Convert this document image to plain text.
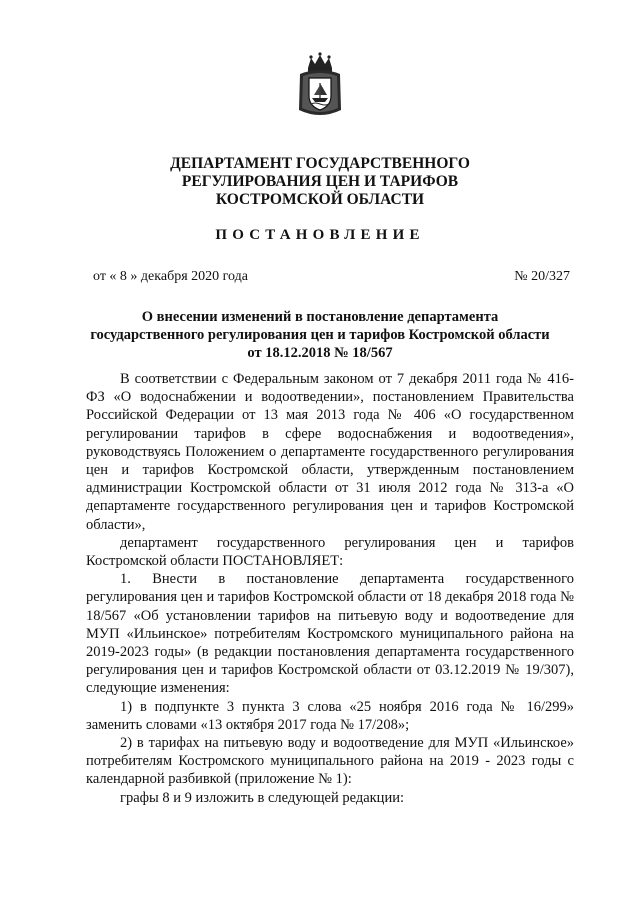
ДЕПАРТАМЕНТ ГОСУДАРСТВЕННОГО
РЕГУЛИРОВАНИЯ ЦЕН И ТАРИФОВ
КОСТРОМСКОЙ ОБЛАСТИ
ПОСТАНОВЛЕНИЕ
от « 8 » декабря 2020 года	№ 20/327
О внесении изменений в постановление департамента
государственного регулирования цен и тарифов Костромской области
от 18.12.2018 № 18/567

В соответствии с Федеральным законом от 7 декабря 2011 года № 416-ФЗ «О водоснабжении и водоотведении», постановлением Правительства Российской Федерации от 13 мая 2013 года № 406 «О государственном регулировании тарифов в сфере водоснабжения и водоотведения», руководствуясь Положением о департаменте государственного регулирования цен и тарифов Костромской области, утвержденным постановлением администрации Костромской области от 31 июля 2012 года № 313-а «О департаменте государственного регулирования цен и тарифов Костромской области»,

департамент государственного регулирования цен и тарифов Костромской области ПОСТАНОВЛЯЕТ:

1. Внести в постановление департамента государственного регулирования цен и тарифов Костромской области от 18 декабря 2018 года № 18/567 «Об установлении тарифов на питьевую воду и водоотведение для МУП «Ильинское» потребителям Костромского муниципального района на 2019-2023 годы» (в редакции постановления департамента государственного регулирования цен и тарифов Костромской области от 03.12.2019 № 19/307), следующие изменения:

1) в подпункте 3 пункта 3 слова «25 ноября 2016 года № 16/299» заменить словами «13 октября 2017 года № 17/208»;

2) в тарифах на питьевую воду и водоотведение для МУП «Ильинское» потребителям Костромского муниципального района на 2019 - 2023 годы с календарной разбивкой (приложение № 1):

графы 8 и 9 изложить в следующей редакции:
